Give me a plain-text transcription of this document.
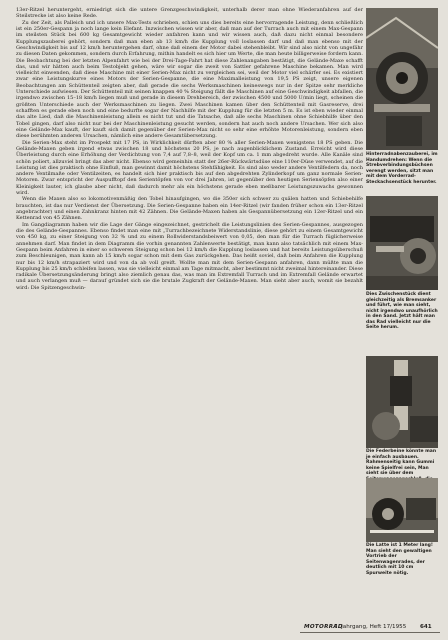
13er-Ritzel heruntergeht, erniedrigt sich die untere Grenzgeschwindigkeit, unterhalb derer man ohne Wiederanfahren auf der Steilstrecke ist also keine Rede.

Zu der Zeit, als Palleich und ich unsere Max-Tests schrieben, schien uns dies bereits eine hervorragende Leistung, denn schließlich ist ein 250er-Gespann ja noch lange kein Elefant. Inzwischen wissen wir aber, daß man auf der Turrach auch mit einem Max-Gespann im steilsten Stück bei 600 kg Gesamtgewicht wieder anfahren kann und wir wissen auch, daß dazu nicht einmal besondere Kupplungszauberei gehört, sondern daß man eben ab 13 km/h die Kupplung voll loslassen darf und daß man ebenso mit der Geschwindigkeit bis auf 12 km/h heruntergehen darf, ohne daß einem der Motor dabei stehenbleibt. Wir sind also nicht von ungefähr zu diesen Daten gekommen, sondern durch Erfahrung, mithin handelt es sich hier um Werte, die man heute billigerweise fordern kann. Die Beobachtung bei der letzten Alpenfahrt wie bei der Drei-Tage-Fahrt hat diese Zahlenangaben bestätigt, die Gelände-Maxe schafft das, und wir hätten auch beim Testobjekt gehen, wäre wir sogar die zweit von Sattler gefahrene Maschine bekamen. Man wird vielleicht einwenden, daß diese Maschine mit einer Serien-Max nicht zu vergleichen sei, weil der Motor viel schärfer sei. Es existiert zwar eine Leistungskurve eines Motors der Serien-Gespanne, die eine Maximalleistung von 19,5 PS zeigt, unsere eigenen Beobachtungen am Schüttenteil zeigten aber, daß gerade die sechs Werksmaschinen keineswegs nur in der Spitze sehr merkliche Unterschiede aufwiesen. Der Schüttenteil mit seinen knappen 40 % Steigung fällt die Maschinen auf eine Geschwindigkeit abfallen, die irgendwo zwischen 15–18 km/h liegen muß und gerade in diesem Drehbereich, der zwischen 4500 und 5000 U/min liegt, scheinen die größten Unterschiede auch der Werksmaschinen zu liegen. Zwei Maschinen kamen über den Schüttenteil mit Gasreserve, drei schafften es gerade eben noch und eine bedurfte sogar der Nachhilfe mit der Kupplung für die letzten 5 m. Es ist eben wieder einmal das alte Lied, daß die Maschinenleistung allein es nicht tut und die Tatsache, daß alle sechs Maschinen ohne Schiebhilfe über den Tobel gingen, darf also nicht nur bei der Maschinenleistung gesucht werden, sondern hat auch noch andere Ursachen. Wer sich also eine Gelände-Max kauft, der kauft sich damit gegenüber der Serien-Max nicht so sehr eine erhöhte Motorenleistung, sondern eben diese berühmten anderen Ursachen, nämlich eine andere Gesamtübersetzung.

Die Serien-Max steht im Prospekt mit 17 PS, in Wirklichkeit dürften aber 80 % aller Serien-Maxen wenigstens 18 PS geben. Die Gelände-Maxen geben irgend etwas zwischen 18 und höchstens 20 PS, je nach augenblicklichem Zustand. Erreicht wird diese Überleistung durch eine Erhöhung der Verdichtung von 7,4 auf 7,8–8, weil der Kopf um ca. 1 mm abgedreht wurde. Alle Kanäle sind schön poliert, allzuviel bringt das aber nicht. Ebenso wird gemeinhin statt der 26er-Rückwärtsdüse eine 110er-Düse verwendet, auf die Leistung ist dies praktisch ohne Einfluß, man gewinnt damit höchstens Stehfähigkeit. Es sind also weder andere Ventilfedern da, noch andere Ventilmaße oder Ventilzeiten, es handelt sich hier praktisch bis auf den abgedrehten Zylinderkopf um ganz normale Serien-Motoren. Zwar entspricht der Auspufftopf den Serientöpfen von vor drei Jahren, ist gegenüber den heutigen Seriensöpfen also einer Kleinigkeit lauter, ich glaube aber nicht, daß dadurch mehr als ein höchstens gerade eben meßbarer Leistungszuwachs gewonnen wird.

Wenn die Maxen also so lokomotivenmäßig den Tobel hinaufgingen, wo die 350er sich schwer zu quälen hatten und Schiebehilfe brauchten, ist das nur Verdienst der Übersetzung. Die Serien-Gespanne haben ein 14er-Ritzel (wir fanden früher schon ein 13er-Ritzel angebrachter) und einen Zahnkranz hinten mit 42 Zähnen. Die Gelände-Maxen haben als Gespannübersetzung ein 12er-Ritzel und ein Kettenrad von 45 Zähnen.

Im Gangdiagramm haben wir die Lage der Gänge eingezeichnet, gestrichelt die Leistungslinien des Serien-Gespannes, ausgezogen die des Gelände-Gespannes. Ebenso findet man eine mit „Turrachbezeichnete Widerstandslinie, diese gehört zu einem Gesamtgewicht von 450 kg, zu einer Steigung von 32 % und zu einem Rollwiderstandsbeiwert von 0,05, den man für die Turrach füglicherweise annehmen darf. Man findet in dem Diagramm die vorhin genannten Zahlenwerte bestätigt, man kann also tatsächlich mit einem Max-Gespann beim Anfahren in einer so schweren Steigung schon bei 12 km/h die Kupplung loslassen und hat bereits Leistungsüberschuß zum Beschleunigen, man kann ab 15 km/h sogar schon mit dem Gas zurückgehen. Das heißt soviel, daß beim Anfahren die Kupplung nur bis 12 km/h strapaziert wird und von da ab voll greift. Wollte man mit dem Serien-Gespann anfahren, dann müßte man die Kupplung bis 25 km/h schleifen lassen, was sie vielleicht einmal am Tage mitmacht, aber bestimmt nicht zweimal hintereinander. Diese radikale Übersetzungsänderung bringt also ziemlich genau das, was man im Extremfall Turrach und im Extremfall Gelände erwartet und auch verlangen muß — darauf gründet sich sie die brutale Zugkraft der Gelände-Maxen. Man sieht aber auch, womit sie bezahlt wird: Die Spitzengeschwin-

Hinterradnabenzauberei, im Handumdrehen: Wenn die Strebverbindungsbüchsen verengt werden, sitzt man mit dem Vorderrad-Steckachsenstück herunter.
Dies Zwischenstück dient gleichzeitig als Bremsanker und führt, wie man sieht, nicht irgendwo unaufhörlich in den Sand. Jetzt hält man das Rad vielleicht nur die Seite herum.
Die Federbeine könnte man je einfach ausbauen. Rahmenseitig kann Gummi keine Spielfrei sein, Man sieht sie über dem
Die Latte ist 1 Meter lang! Man sieht den gewaltigen Vortrieb der Seitenwagenrades, der deutlich mit 10 cm Spurweite nötig.
MOTORRAD
7. Jahrgang, Heft 17/1955 641
